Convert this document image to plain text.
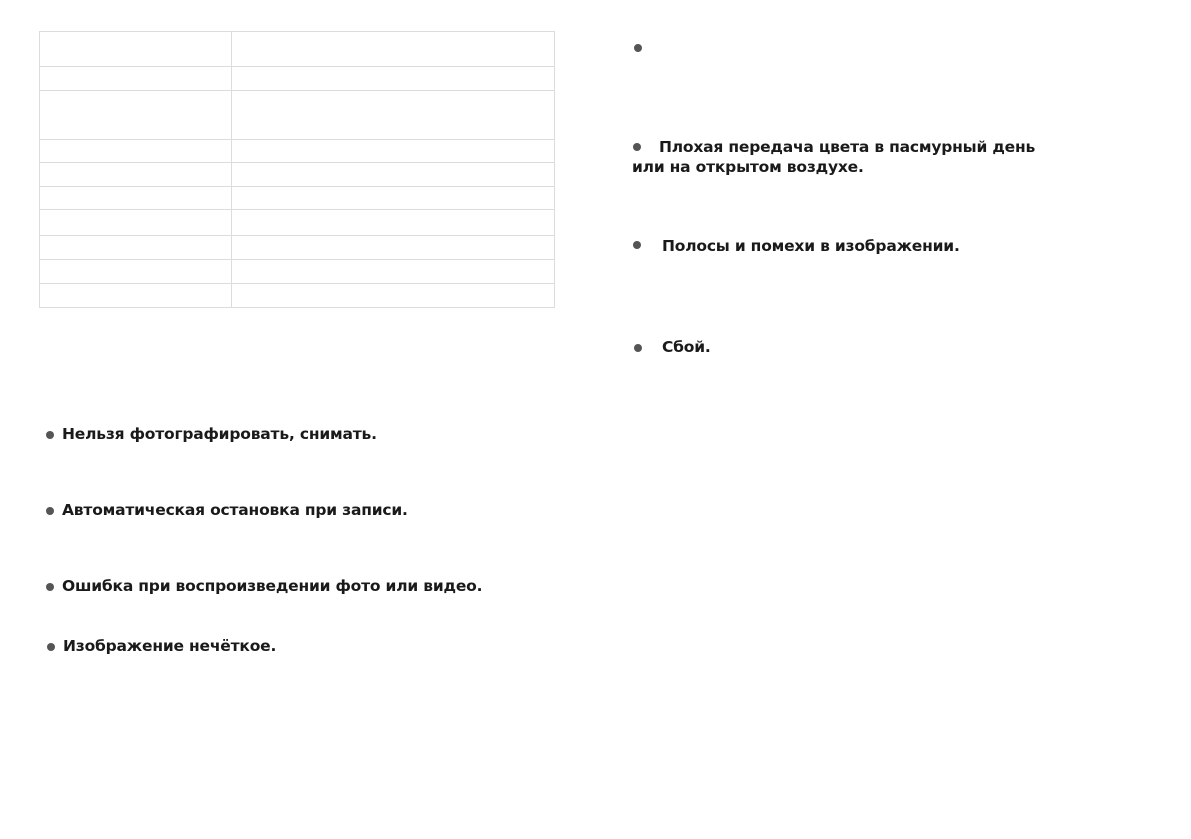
Нельзя фотографировать, снимать.
Автоматическая остановка при записи.
Ошибка при воспроизведении фото или видео.
Изображение нечёткое.
Плохая передача цвета в пасмурный день или на открытом воздухе.
Полосы и помехи в изображении.
Сбой.
